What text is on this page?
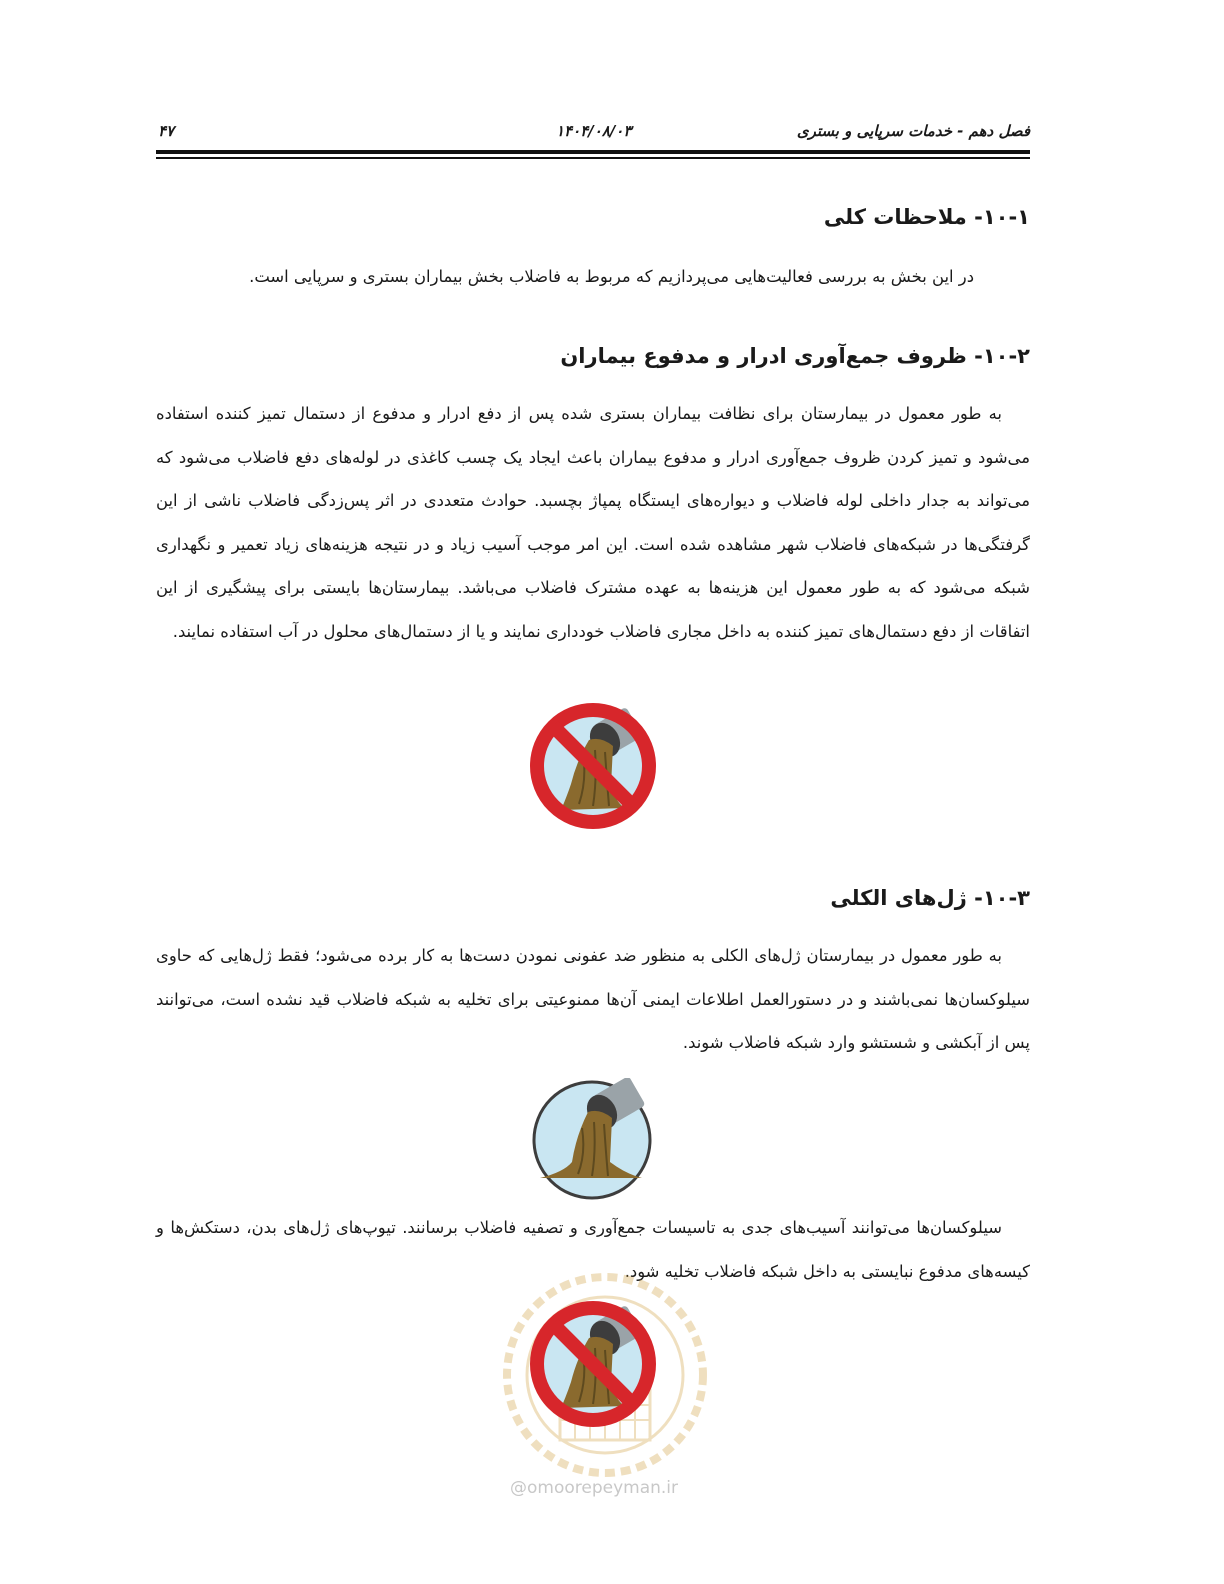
فصل دهم - خدمات سرپایی و بستری
۱۴۰۴/۰۸/۰۳
۴۷
۱۰-۱- ملاحظات کلی
در این بخش به بررسی فعالیت‌هایی می‌پردازیم که مربوط به فاضلاب بخش بیماران بستری و سرپایی است.
۱۰-۲- ظروف جمع‌آوری ادرار و مدفوع بیماران
به طور معمول در بیمارستان برای نظافت بیماران بستری شده پس از دفع ادرار و مدفوع از دستمال تمیز کننده استفاده می‌شود و تمیز کردن ظروف جمع‌آوری ادرار و مدفوع بیماران باعث ایجاد یک چسب کاغذی در لوله‌های دفع فاضلاب می‌شود که می‌تواند به جدار داخلی لوله فاضلاب و دیواره‌های ایستگاه پمپاژ بچسبد. حوادث متعددی در اثر پس‌زدگی فاضلاب ناشی از این گرفتگی‌ها در شبکه‌های فاضلاب شهر مشاهده شده است. این امر موجب آسیب زیاد و در نتیجه هزینه‌های زیاد تعمیر و نگهداری شبکه می‌شود که به طور معمول این هزینه‌ها به عهده مشترک فاضلاب می‌باشد. بیمارستان‌ها بایستی برای پیشگیری از این اتفاقات از دفع دستمال‌های تمیز کننده به داخل مجاری فاضلاب خودداری نمایند و یا از دستمال‌های محلول در آب استفاده نمایند.
۱۰-۳- ژل‌های الکلی
به طور معمول در بیمارستان ژل‌های الکلی به منظور ضد عفونی نمودن دست‌ها به کار برده می‌شود؛ فقط ژل‌هایی که حاوی سیلوکسان‌ها نمی‌باشند و در دستورالعمل اطلاعات ایمنی آن‌ها ممنوعیتی برای تخلیه به شبکه فاضلاب قید نشده است، می‌توانند پس از آبکشی و شستشو وارد شبکه فاضلاب شوند.
سیلوکسان‌ها می‌توانند آسیب‌های جدی به تاسیسات جمع‌آوری و تصفیه فاضلاب برسانند. تیوپ‌های ژل‌های بدن، دستکش‌ها و کیسه‌های مدفوع نبایستی به داخل شبکه فاضلاب تخلیه شود.
@omoorepeyman.ir
